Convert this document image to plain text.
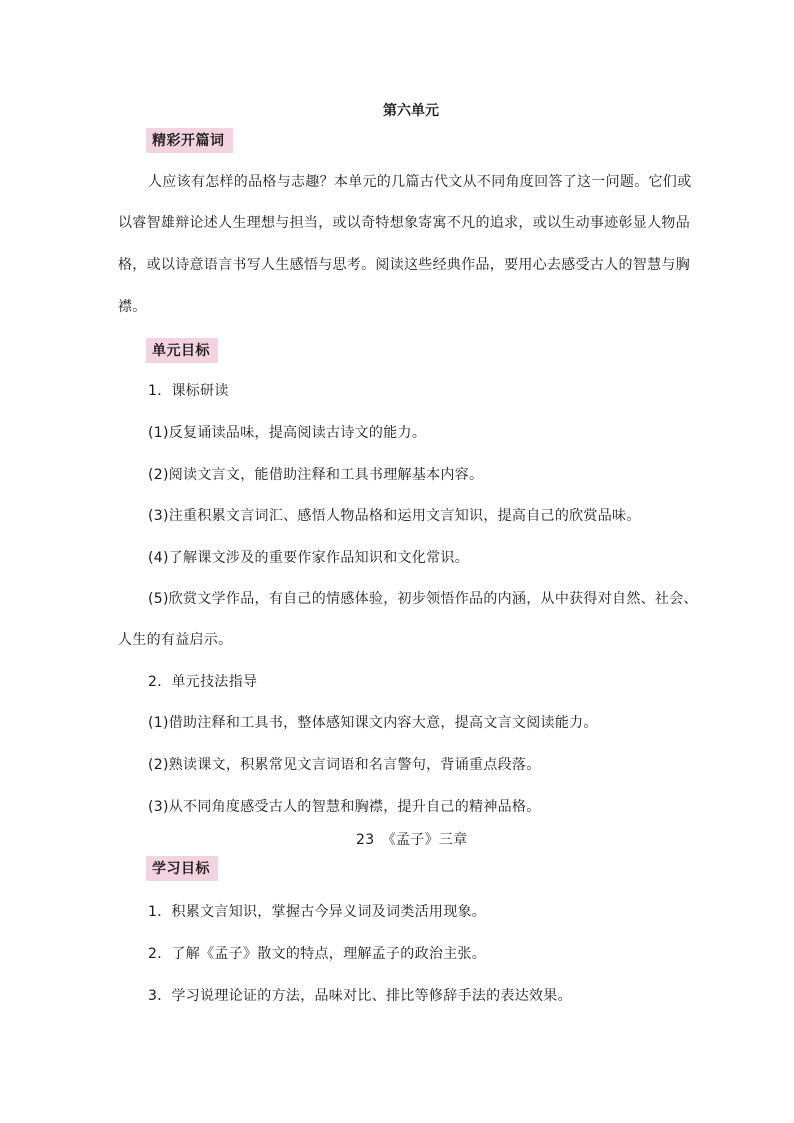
第六单元
精彩开篇词
人应该有怎样的品格与志趣？本单元的几篇古代文从不同角度回答了这一问题。它们或
以睿智雄辩论述人生理想与担当，或以奇特想象寄寓不凡的追求，或以生动事迹彰显人物品
格，或以诗意语言书写人生感悟与思考。阅读这些经典作品，要用心去感受古人的智慧与胸
襟。
单元目标
1．课标研读
(1)反复诵读品味，提高阅读古诗文的能力。
(2)阅读文言文，能借助注释和工具书理解基本内容。
(3)注重积累文言词汇、感悟人物品格和运用文言知识，提高自己的欣赏品味。
(4)了解课文涉及的重要作家作品知识和文化常识。
(5)欣赏文学作品，有自己的情感体验，初步领悟作品的内涵，从中获得对自然、社会、
人生的有益启示。
2．单元技法指导
(1)借助注释和工具书，整体感知课文内容大意，提高文言文阅读能力。
(2)熟读课文，积累常见文言词语和名言警句，背诵重点段落。
(3)从不同角度感受古人的智慧和胸襟，提升自己的精神品格。
23　《孟子》三章
学习目标
1．积累文言知识，掌握古今异义词及词类活用现象。
2．了解《孟子》散文的特点，理解孟子的政治主张。
3．学习说理论证的方法，品味对比、排比等修辞手法的表达效果。
